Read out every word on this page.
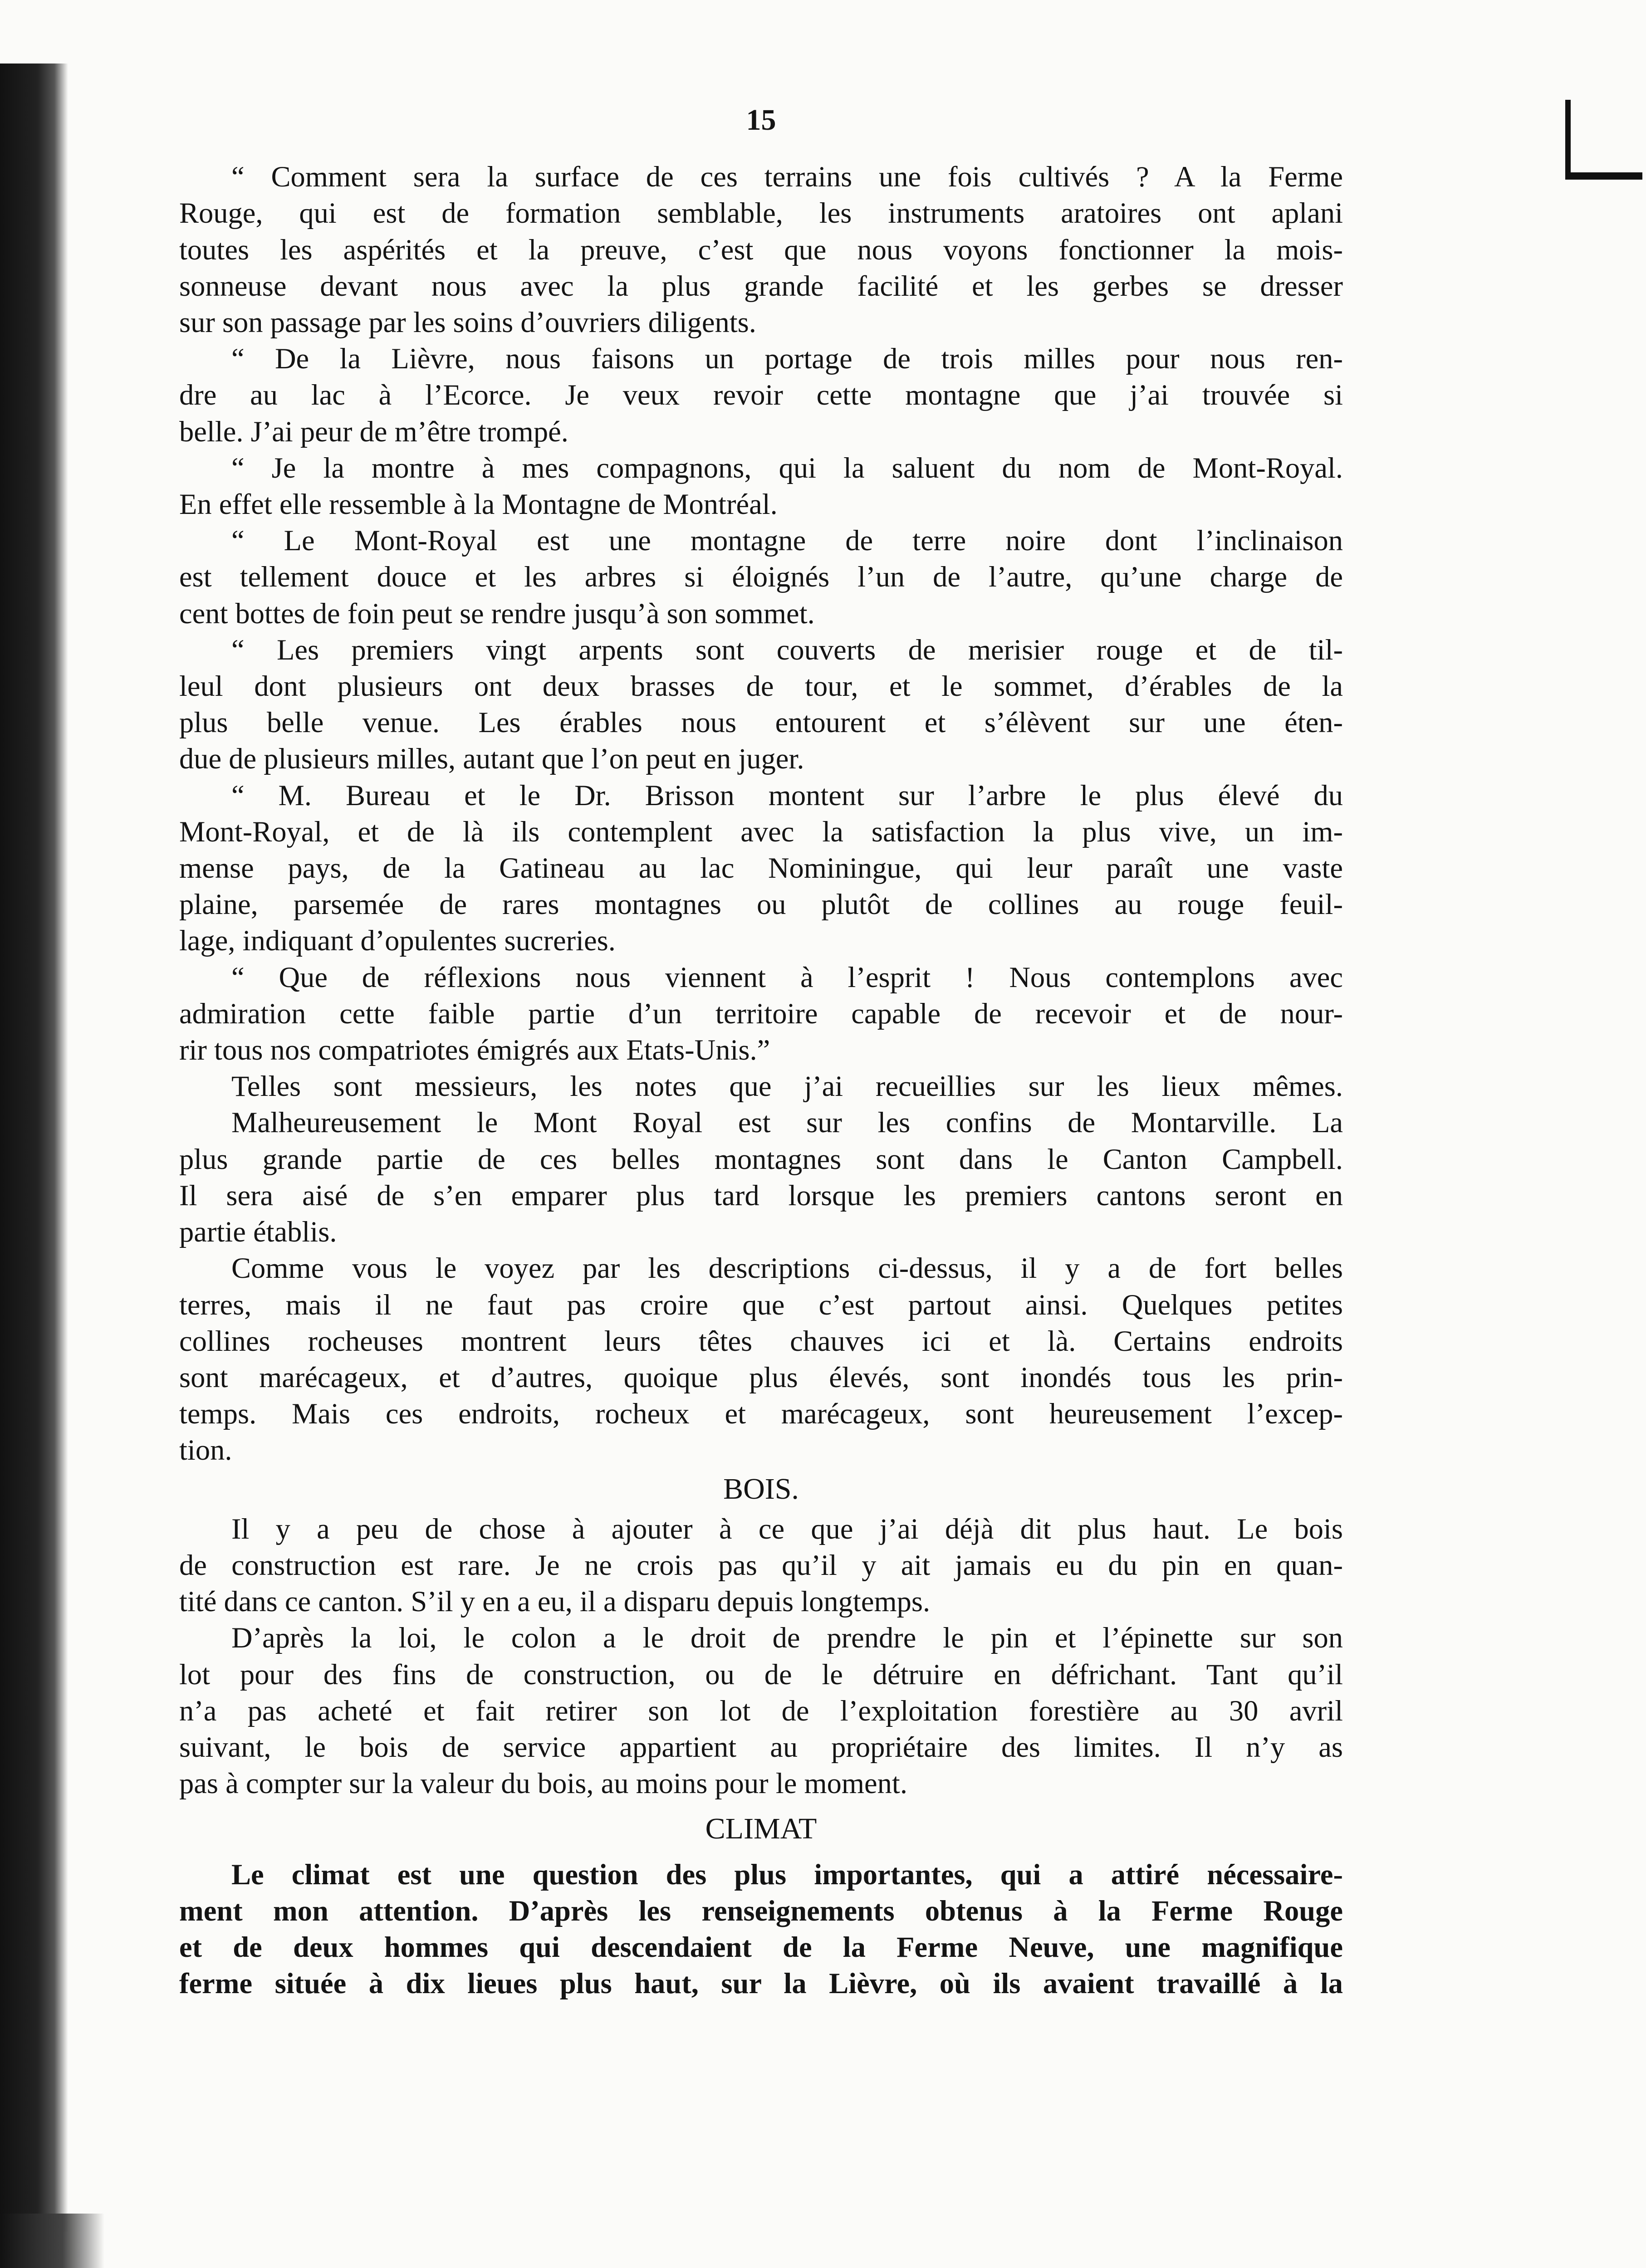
15
“ Comment sera la surface de ces terrains une fois cultivés ? A la Ferme
Rouge, qui est de formation semblable, les instruments aratoires ont aplani
toutes les aspérités et la preuve, c’est que nous voyons fonctionner la mois-
sonneuse devant nous avec la plus grande facilité et les gerbes se dresser
sur son passage par les soins d’ouvriers diligents.
“ De la Lièvre, nous faisons un portage de trois milles pour nous ren-
dre au lac à l’Ecorce. Je veux revoir cette montagne que j’ai trouvée si
belle. J’ai peur de m’être trompé.
“ Je la montre à mes compagnons, qui la saluent du nom de Mont-Royal.
En effet elle ressemble à la Montagne de Montréal.
“ Le Mont-Royal est une montagne de terre noire dont l’inclinaison
est tellement douce et les arbres si éloignés l’un de l’autre, qu’une charge de
cent bottes de foin peut se rendre jusqu’à son sommet.
“ Les premiers vingt arpents sont couverts de merisier rouge et de til-
leul dont plusieurs ont deux brasses de tour, et le sommet, d’érables de la
plus belle venue. Les érables nous entourent et s’élèvent sur une éten-
due de plusieurs milles, autant que l’on peut en juger.
“ M. Bureau et le Dr. Brisson montent sur l’arbre le plus élevé du
Mont-Royal, et de là ils contemplent avec la satisfaction la plus vive, un im-
mense pays, de la Gatineau au lac Nominingue, qui leur paraît une vaste
plaine, parsemée de rares montagnes ou plutôt de collines au rouge feuil-
lage, indiquant d’opulentes sucreries.
“ Que de réflexions nous viennent à l’esprit ! Nous contemplons avec
admiration cette faible partie d’un territoire capable de recevoir et de nour-
rir tous nos compatriotes émigrés aux Etats-Unis.”
Telles sont messieurs, les notes que j’ai recueillies sur les lieux mêmes.
Malheureusement le Mont Royal est sur les confins de Montarville. La
plus grande partie de ces belles montagnes sont dans le Canton Campbell.
Il sera aisé de s’en emparer plus tard lorsque les premiers cantons seront en
partie établis.
Comme vous le voyez par les descriptions ci-dessus, il y a de fort belles
terres, mais il ne faut pas croire que c’est partout ainsi. Quelques petites
collines rocheuses montrent leurs têtes chauves ici et là. Certains endroits
sont marécageux, et d’autres, quoique plus élevés, sont inondés tous les prin-
temps. Mais ces endroits, rocheux et marécageux, sont heureusement l’excep-
tion.
BOIS.
Il y a peu de chose à ajouter à ce que j’ai déjà dit plus haut. Le bois
de construction est rare. Je ne crois pas qu’il y ait jamais eu du pin en quan-
tité dans ce canton. S’il y en a eu, il a disparu depuis longtemps.
D’après la loi, le colon a le droit de prendre le pin et l’épinette sur son
lot pour des fins de construction, ou de le détruire en défrichant. Tant qu’il
n’a pas acheté et fait retirer son lot de l’exploitation forestière au 30 avril
suivant, le bois de service appartient au propriétaire des limites. Il n’y as
pas à compter sur la valeur du bois, au moins pour le moment.
CLIMAT
Le climat est une question des plus importantes, qui a attiré nécessaire-
ment mon attention. D’après les renseignements obtenus à la Ferme Rouge
et de deux hommes qui descendaient de la Ferme Neuve, une magnifique
ferme située à dix lieues plus haut, sur la Lièvre, où ils avaient travaillé à la
